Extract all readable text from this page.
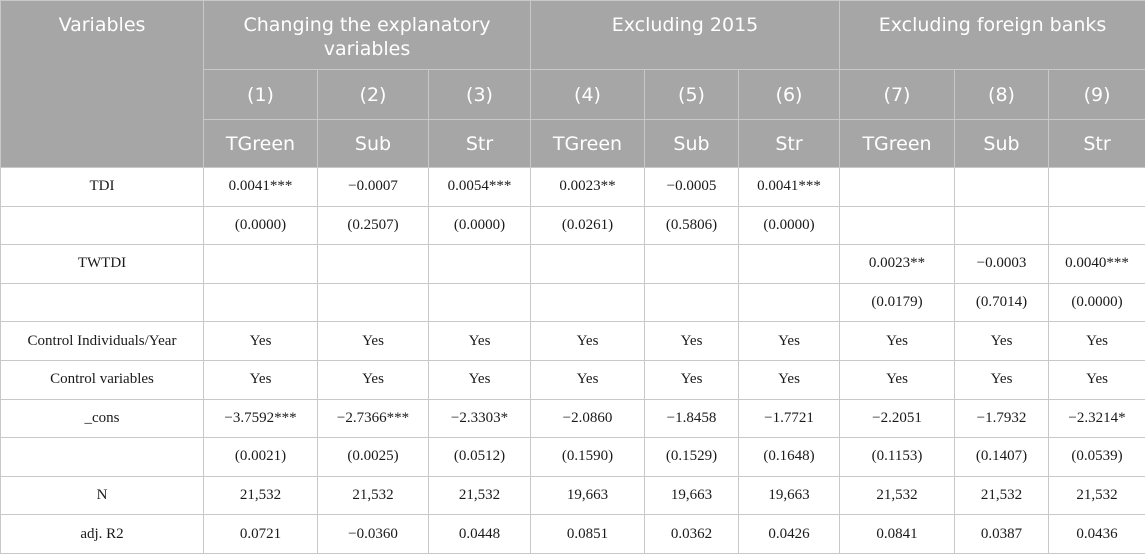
Variables	Changing the explanatory variables			Excluding 2015			Excluding foreign banks		
	(1)	(2)	(3)	(4)	(5)	(6)	(7)	(8)	(9)
	TGreen	Sub	Str	TGreen	Sub	Str	TGreen	Sub	Str
TDI	0.0041***	−0.0007	0.0054***	0.0023**	−0.0005	0.0041***			
	(0.0000)	(0.2507)	(0.0000)	(0.0261)	(0.5806)	(0.0000)			
TWTDI							0.0023**	−0.0003	0.0040***
							(0.0179)	(0.7014)	(0.0000)
Control Individuals/Year	Yes	Yes	Yes	Yes	Yes	Yes	Yes	Yes	Yes
Control variables	Yes	Yes	Yes	Yes	Yes	Yes	Yes	Yes	Yes
_cons	−3.7592***	−2.7366***	−2.3303*	−2.0860	−1.8458	−1.7721	−2.2051	−1.7932	−2.3214*
	(0.0021)	(0.0025)	(0.0512)	(0.1590)	(0.1529)	(0.1648)	(0.1153)	(0.1407)	(0.0539)
N	21,532	21,532	21,532	19,663	19,663	19,663	21,532	21,532	21,532
adj. R2	0.0721	−0.0360	0.0448	0.0851	0.0362	0.0426	0.0841	0.0387	0.0436
